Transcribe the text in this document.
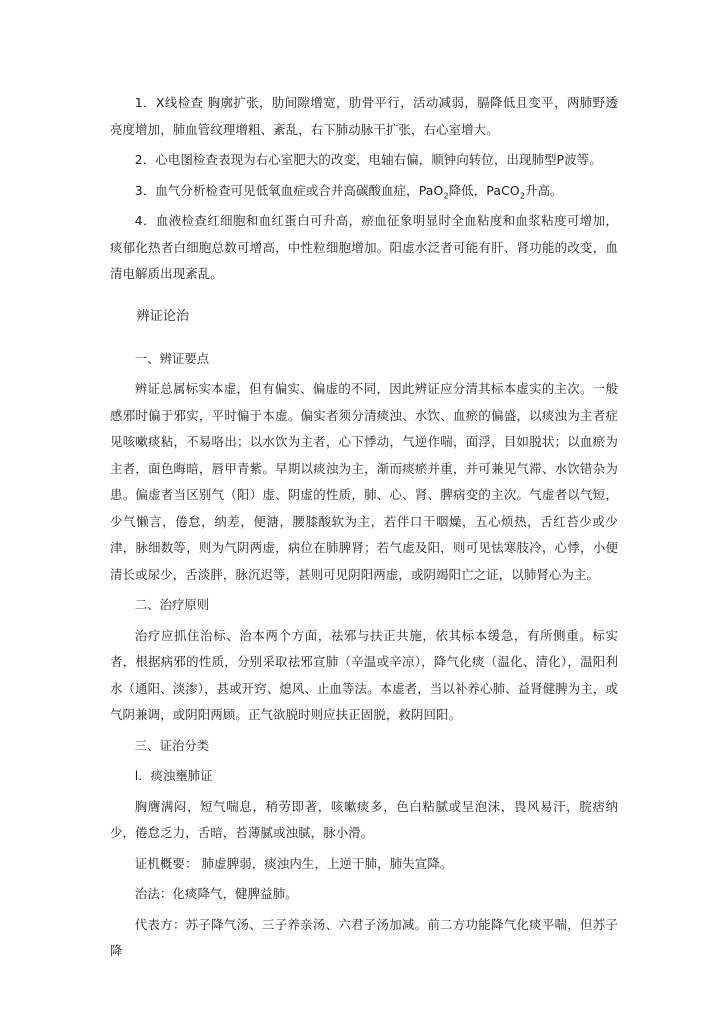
1．X线检查 胸廓扩张，肋间隙增宽，肋骨平行，活动减弱，膈降低且变平，两肺野透亮度增加，肺血管纹理增粗、紊乱，右下肺动脉干扩张，右心室增大。

2．心电图检查表现为右心室肥大的改变，电轴右偏，顺钟向转位，出现肺型P波等。

3．血气分析检查可见低氧血症或合并高碳酸血症，PaO$_2$降低，PaCO$_2$升高。

4．血液检查红细胞和血红蛋白可升高，瘀血征象明显时全血粘度和血浆粘度可增加，痰郁化热者白细胞总数可增高，中性粒细胞增加。阳虚水泛者可能有肝、肾功能的改变，血清电解质出现紊乱。

辨证论治

一、辨证要点

辨证总属标实本虚，但有偏实、偏虚的不同，因此辨证应分清其标本虚实的主次。一般感邪时偏于邪实，平时偏于本虚。偏实者须分清痰浊、水饮、血瘀的偏盛，以痰浊为主者症见咳嗽痰粘，不易咯出；以水饮为主者，心下悸动，气逆作喘，面浮，目如脱状；以血瘀为主者，面色晦暗，唇甲青紫。早期以痰浊为主，渐而痰瘀并重，并可兼见气滞、水饮错杂为患。偏虚者当区别气（阳）虚、阴虚的性质，肺、心、肾、脾病变的主次。气虚者以气短，少气懒言，倦怠，纳差，便溏，腰膝酸软为主，若伴口干咽燥，五心烦热，舌红苔少或少津，脉细数等，则为气阴两虚，病位在肺脾肾；若气虚及阳，则可见怯寒肢冷，心悸，小便清长或尿少，舌淡胖，脉沉迟等，甚则可见阴阳两虚，或阴竭阳亡之证，以肺肾心为主。

二、治疗原则

治疗应抓住治标、治本两个方面，祛邪与扶正共施，依其标本缓急，有所侧重。标实者，根据病邪的性质，分别采取祛邪宣肺（辛温或辛凉），降气化痰（温化、清化），温阳利水（通阳、淡渗），甚或开窍、熄风、止血等法。本虚者，当以补养心肺、益肾健脾为主，或气阴兼调，或阴阳两顾。正气欲脱时则应扶正固脱，救阴回阳。

三、证治分类

l．痰浊壅肺证

胸膺满闷，短气喘息，稍劳即著，咳嗽痰多，色白粘腻或呈泡沫，畏风易汗，脘痞纳少，倦怠乏力，舌暗，苔薄腻或浊腻，脉小滑。

证机概要： 肺虚脾弱，痰浊内生，上逆干肺，肺失宣降。

治法：化痰降气，健脾益肺。

代表方：苏子降气汤、三子养亲汤、六君子汤加减。前二方功能降气化痰平喘，但苏子降
